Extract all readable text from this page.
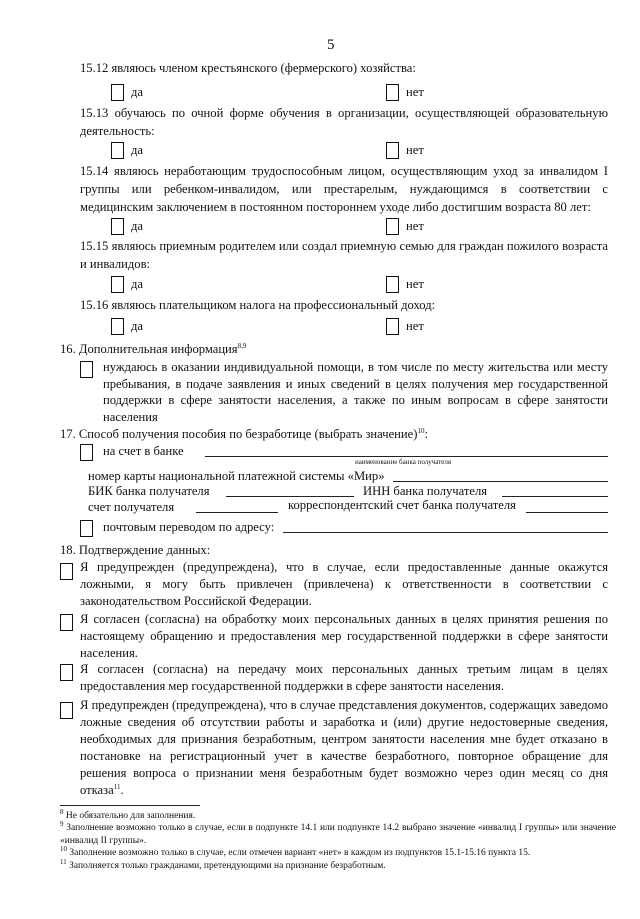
5
15.12 являюсь членом крестьянского (фермерского) хозяйства:
да	нет
15.13 обучаюсь по очной форме обучения в организации, осуществляющей образовательную деятельность:
да	нет
15.14 являюсь неработающим трудоспособным лицом, осуществляющим уход за инвалидом I группы или ребенком-инвалидом, или престарелым, нуждающимся в соответствии с медицинским заключением в постоянном постороннем уходе либо достигшим возраста 80 лет:
да	нет
15.15 являюсь приемным родителем или создал приемную семью для граждан пожилого возраста и инвалидов:
да	нет
15.16 являюсь плательщиком налога на профессиональный доход:
да	нет
16. Дополнительная информация$^{8,9}$
нуждаюсь в оказании индивидуальной помощи, в том числе по месту жительства или месту пребывания, в подаче заявления и иных сведений в целях получения мер государственной поддержки в сфере занятости населения, а также по иным вопросам в сфере занятости населения
17. Способ получения пособия по безработице (выбрать значение)$^{10}$:
на счет в банке
наименование банка получателя
номер карты национальной платежной системы «Мир»
БИК банка получателя	ИНН банка получателя
счет получателя	корреспондентский счет банка получателя
почтовым переводом по адресу:
18. Подтверждение данных:
Я предупрежден (предупреждена), что в случае, если предоставленные данные окажутся ложными, я могу быть привлечен (привлечена) к ответственности в соответствии с законодательством Российской Федерации.
Я согласен (согласна) на обработку моих персональных данных в целях принятия решения по настоящему обращению и предоставления мер государственной поддержки в сфере занятости населения.
Я согласен (согласна) на передачу моих персональных данных третьим лицам в целях предоставления мер государственной поддержки в сфере занятости населения.
Я предупрежден (предупреждена), что в случае представления документов, содержащих заведомо ложные сведения об отсутствии работы и заработка и (или) другие недостоверные сведения, необходимых для признания безработным, центром занятости населения мне будет отказано в постановке на регистрационный учет в качестве безработного, повторное обращение для решения вопроса о признании меня безработным будет возможно через один месяц со дня отказа$^{11}$.
$^8$ Не обязательно для заполнения.
$^9$ Заполнение возможно только в случае, если в подпункте 14.1 или подпункте 14.2 выбрано значение «инвалид I группы» или значение «инвалид II группы».
$^{10}$ Заполнение возможно только в случае, если отмечен вариант «нет» в каждом из подпунктов 15.1-15.16 пункта 15.
$^{11}$ Заполняется только гражданами, претендующими на признание безработным.
